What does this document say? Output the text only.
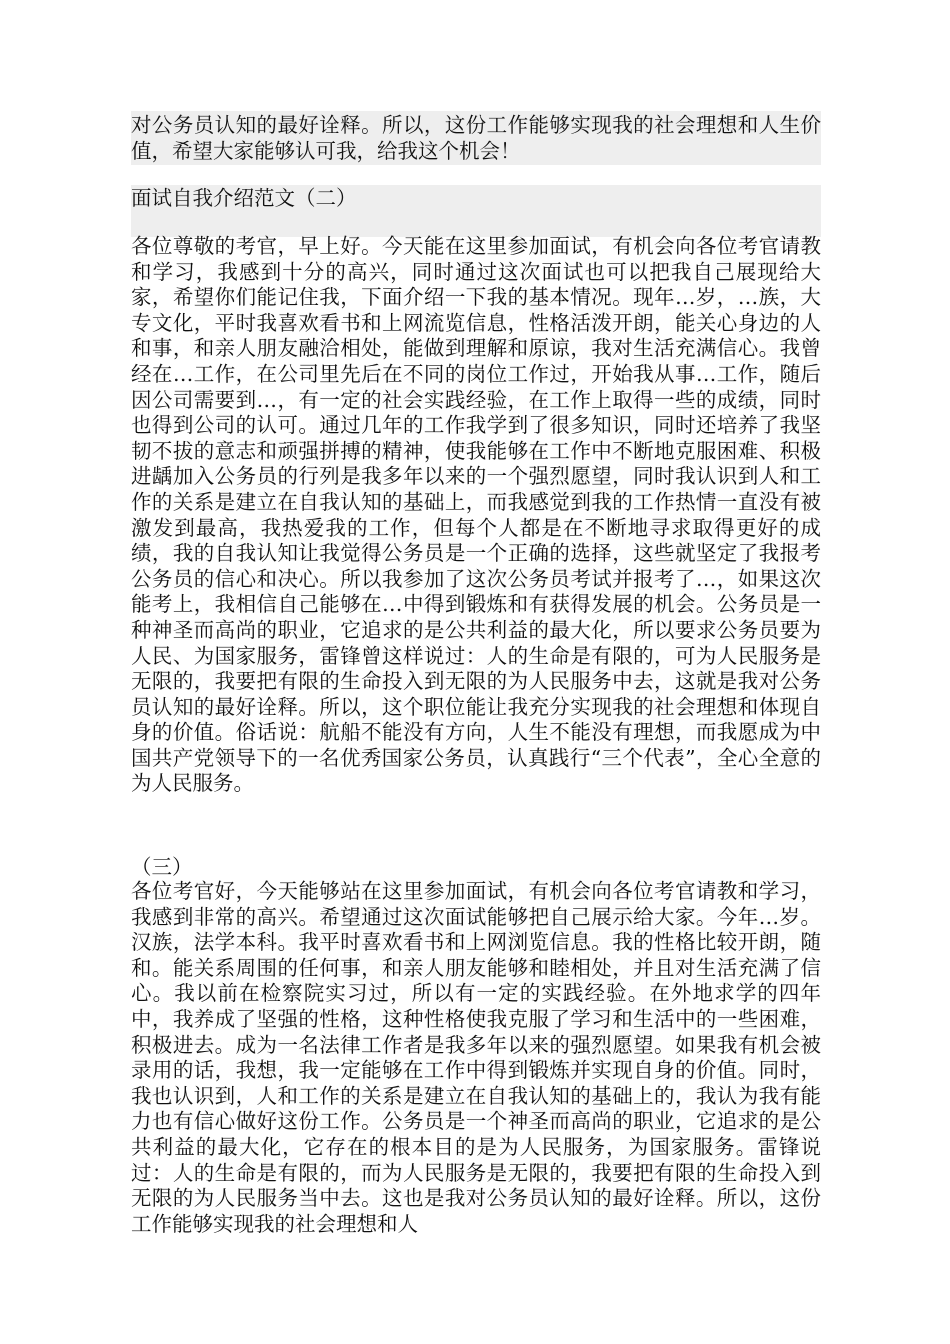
对公务员认知的最好诠释。所以，这份工作能够实现我的社会理想和人生价值，希望大家能够认可我，给我这个机会！
面试自我介绍范文（二）
各位尊敬的考官，早上好。今天能在这里参加面试，有机会向各位考官请教和学习，我感到十分的高兴，同时通过这次面试也可以把我自己展现给大家，希望你们能记住我，下面介绍一下我的基本情况。现年…岁，…族，大专文化，平时我喜欢看书和上网流览信息，性格活泼开朗，能关心身边的人和事，和亲人朋友融洽相处，能做到理解和原谅，我对生活充满信心。我曾经在…工作，在公司里先后在不同的岗位工作过，开始我从事…工作，随后因公司需要到…，有一定的社会实践经验，在工作上取得一些的成绩，同时也得到公司的认可。通过几年的工作我学到了很多知识，同时还培养了我坚韧不拔的意志和顽强拼搏的精神，使我能够在工作中不断地克服困难、积极进龋加入公务员的行列是我多年以来的一个强烈愿望，同时我认识到人和工作的关系是建立在自我认知的基础上，而我感觉到我的工作热情一直没有被激发到最高，我热爱我的工作，但每个人都是在不断地寻求取得更好的成绩，我的自我认知让我觉得公务员是一个正确的选择，这些就坚定了我报考公务员的信心和决心。所以我参加了这次公务员考试并报考了…，如果这次能考上，我相信自己能够在…中得到锻炼和有获得发展的机会。公务员是一种神圣而高尚的职业，它追求的是公共利益的最大化，所以要求公务员要为人民、为国家服务，雷锋曾这样说过：人的生命是有限的，可为人民服务是无限的，我要把有限的生命投入到无限的为人民服务中去，这就是我对公务员认知的最好诠释。所以，这个职位能让我充分实现我的社会理想和体现自身的价值。俗话说：航船不能没有方向，人生不能没有理想，而我愿成为中国共产党领导下的一名优秀国家公务员，认真践行“三个代表”，全心全意的为人民服务。
（三）
各位考官好，今天能够站在这里参加面试，有机会向各位考官请教和学习，我感到非常的高兴。希望通过这次面试能够把自己展示给大家。今年…岁。汉族，法学本科。我平时喜欢看书和上网浏览信息。我的性格比较开朗，随和。能关系周围的任何事，和亲人朋友能够和睦相处，并且对生活充满了信心。我以前在检察院实习过，所以有一定的实践经验。在外地求学的四年中，我养成了坚强的性格，这种性格使我克服了学习和生活中的一些困难，积极进去。成为一名法律工作者是我多年以来的强烈愿望。如果我有机会被录用的话，我想，我一定能够在工作中得到锻炼并实现自身的价值。同时，我也认识到，人和工作的关系是建立在自我认知的基础上的，我认为我有能力也有信心做好这份工作。公务员是一个神圣而高尚的职业，它追求的是公共利益的最大化，它存在的根本目的是为人民服务，为国家服务。雷锋说过：人的生命是有限的，而为人民服务是无限的，我要把有限的生命投入到无限的为人民服务当中去。这也是我对公务员认知的最好诠释。所以，这份工作能够实现我的社会理想和人
